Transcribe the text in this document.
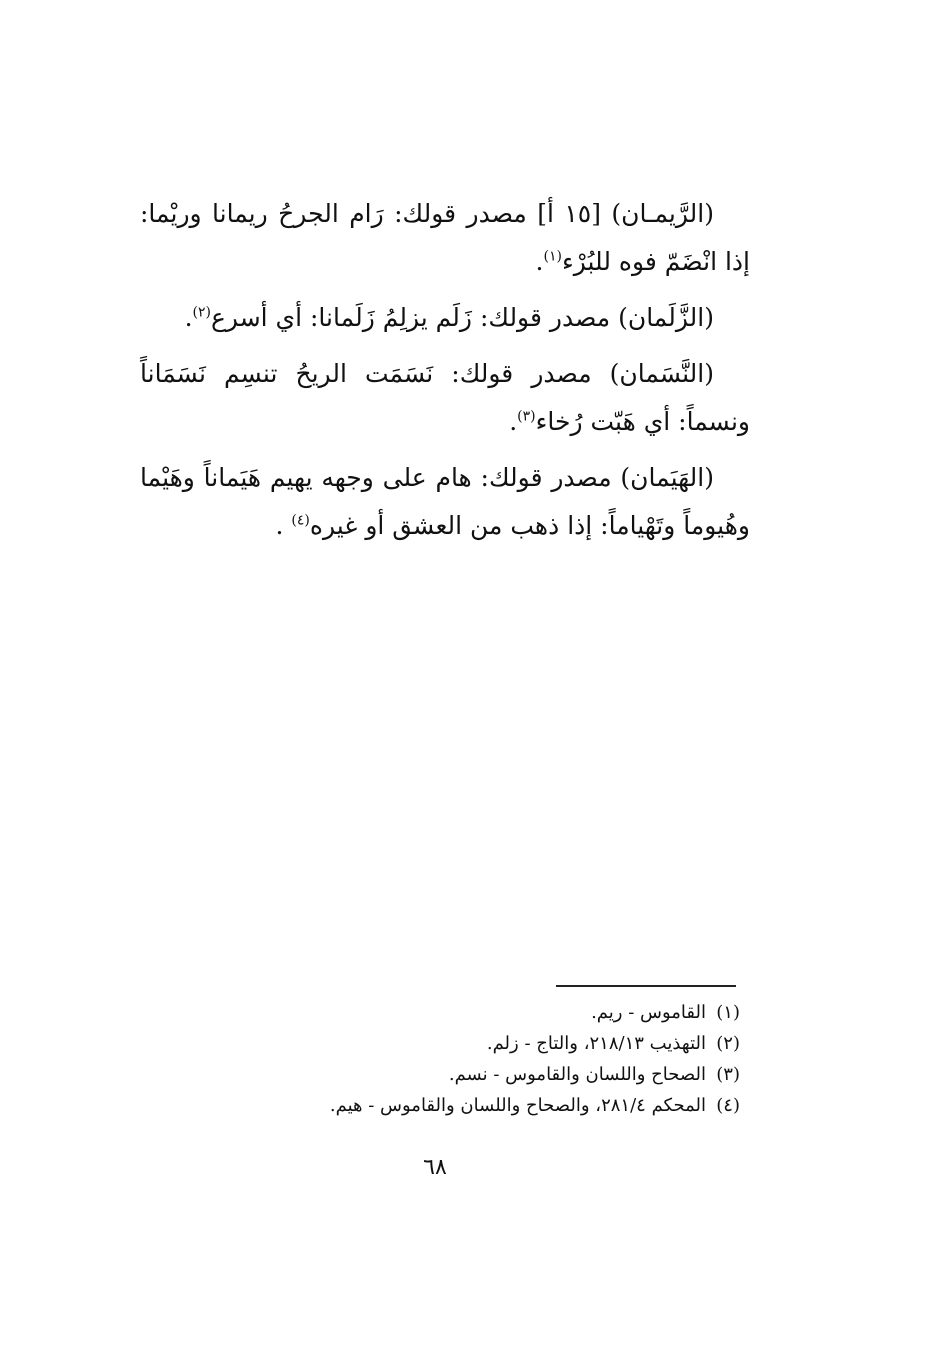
(الرَّيمـان) [١٥ أ] مصدر قولك: رَام الجرحُ ريمانا وريْما: إذا انْضَمّ فوه للبُرْء$^{(١)}$.

(الزَّلَمان) مصدر قولك: زَلَم يزلِمُ زَلَمانا: أي أسرع$^{(٢)}$.

(النَّسَمان) مصدر قولك: نَسَمَت الريحُ تنسِم نَسَمَاناً ونسماً: أي هَبّت رُخاء$^{(٣)}$.

(الهَيَمان) مصدر قولك: هام على وجهه يهيم هَيَماناً وهَيْما وهُيوماً وتَهْياماً: إذا ذهب من العشق أو غيره$^{(٤)}$ .

(١)القاموس - ريم.

(٢)التهذيب ٢١٨/١٣، والتاج - زلم.

(٣)الصحاح واللسان والقاموس - نسم.

(٤)المحكم ٢٨١/٤، والصحاح واللسان والقاموس - هيم.

٦٨
